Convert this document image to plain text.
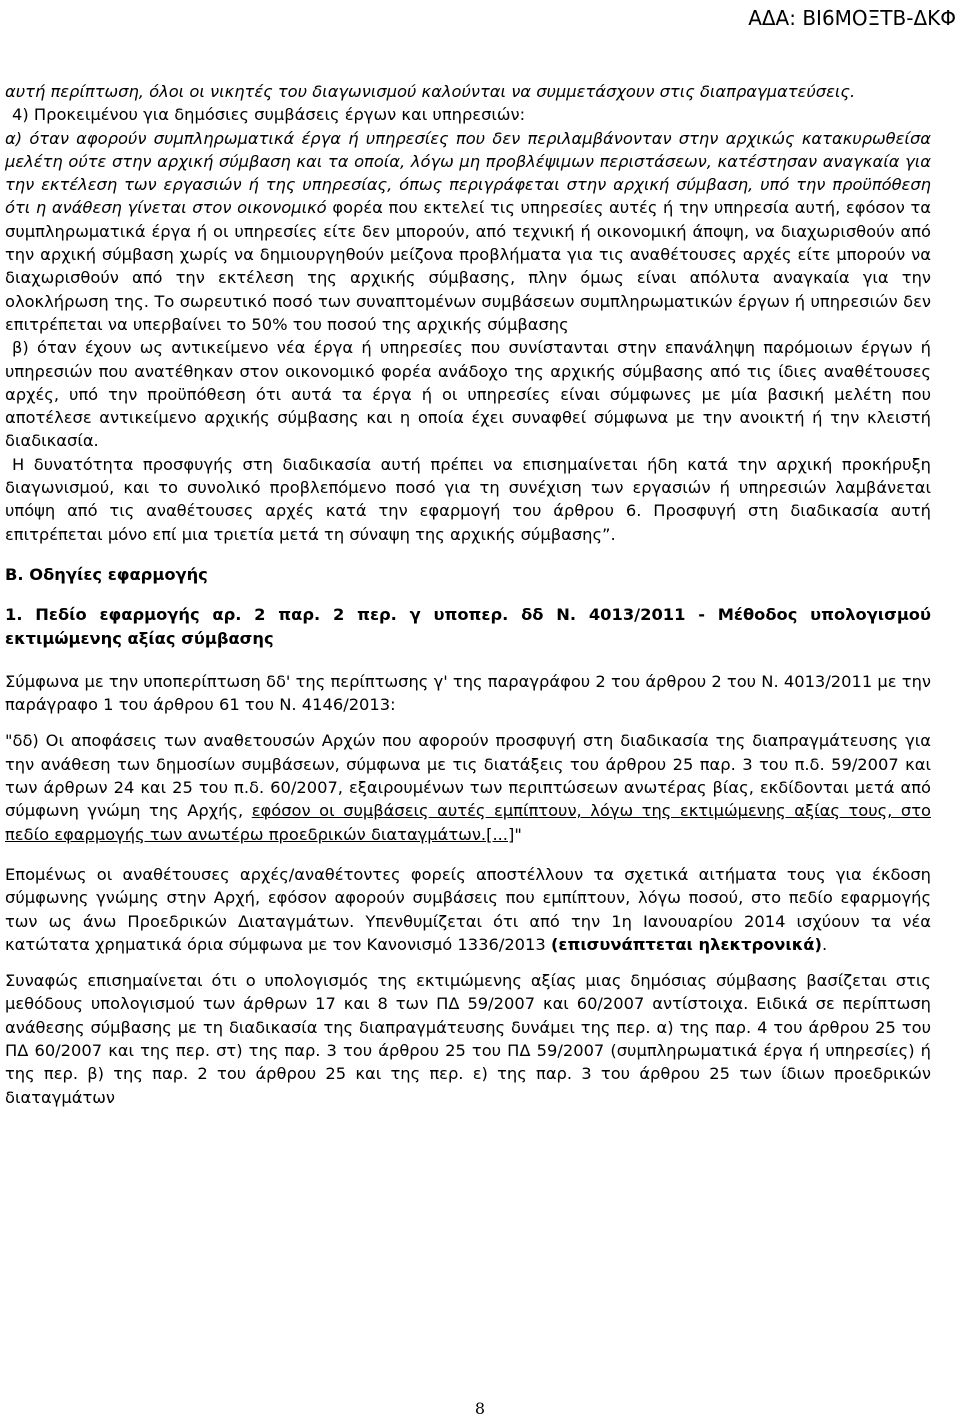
ΑΔΑ: ΒΙ6ΜΟΞΤΒ-ΔΚΦ

αυτή περίπτωση, όλοι οι νικητές του διαγωνισμού καλούνται να συμμετάσχουν στις διαπραγματεύσεις.

4) Προκειμένου για δημόσιες συμβάσεις έργων και υπηρεσιών:

α) όταν αφορούν συμπληρωματικά έργα ή υπηρεσίες που δεν περιλαμβάνονταν στην αρχικώς κατακυρωθείσα μελέτη ούτε στην αρχική σύμβαση και τα οποία, λόγω μη προβλέψιμων περιστάσεων, κατέστησαν αναγκαία για την εκτέλεση των εργασιών ή της υπηρεσίας, όπως περιγράφεται στην αρχική σύμβαση, υπό την προϋπόθεση ότι η ανάθεση γίνεται στον οικονομικό φορέα που εκτελεί τις υπηρεσίες αυτές ή την υπηρεσία αυτή, εφόσον τα συμπληρωματικά έργα ή οι υπηρεσίες είτε δεν μπορούν, από τεχνική ή οικονομική άποψη, να διαχωρισθούν από την αρχική σύμβαση χωρίς να δημιουργηθούν μείζονα προβλήματα για τις αναθέτουσες αρχές είτε μπορούν να διαχωρισθούν από την εκτέλεση της αρχικής σύμβασης, πλην όμως είναι απόλυτα αναγκαία για την ολοκλήρωση της. Το σωρευτικό ποσό των συναπτομένων συμβάσεων συμπληρωματικών έργων ή υπηρεσιών δεν επιτρέπεται να υπερβαίνει το 50% του ποσού της αρχικής σύμβασης

β) όταν έχουν ως αντικείμενο νέα έργα ή υπηρεσίες που συνίστανται στην επανάληψη παρόμοιων έργων ή υπηρεσιών που ανατέθηκαν στον οικονομικό φορέα ανάδοχο της αρχικής σύμβασης από τις ίδιες αναθέτουσες αρχές, υπό την προϋπόθεση ότι αυτά τα έργα ή οι υπηρεσίες είναι σύμφωνες με μία βασική μελέτη που αποτέλεσε αντικείμενο αρχικής σύμβασης και η οποία έχει συναφθεί σύμφωνα με την ανοικτή ή την κλειστή διαδικασία.

Η δυνατότητα προσφυγής στη διαδικασία αυτή πρέπει να επισημαίνεται ήδη κατά την αρχική προκήρυξη διαγωνισμού, και το συνολικό προβλεπόμενο ποσό για τη συνέχιση των εργασιών ή υπηρεσιών λαμβάνεται υπόψη από τις αναθέτουσες αρχές κατά την εφαρμογή του άρθρου 6. Προσφυγή στη διαδικασία αυτή επιτρέπεται μόνο επί μια τριετία μετά τη σύναψη της αρχικής σύμβασης”.

Β. Οδηγίες εφαρμογής

1. Πεδίο εφαρμογής αρ. 2 παρ. 2 περ. γ υποπερ. δδ Ν. 4013/2011 - Μέθοδος υπολογισμού εκτιμώμενης αξίας σύμβασης

Σύμφωνα με την υποπερίπτωση δδ' της περίπτωσης γ' της παραγράφου 2 του άρθρου 2 του Ν. 4013/2011 με την παράγραφο 1 του άρθρου 61 του Ν. 4146/2013:

"δδ) Οι αποφάσεις των αναθετουσών Αρχών που αφορούν προσφυγή στη διαδικασία της διαπραγμάτευσης για την ανάθεση των δημοσίων συμβάσεων, σύμφωνα με τις διατάξεις του άρθρου 25 παρ. 3 του π.δ. 59/2007 και των άρθρων 24 και 25 του π.δ. 60/2007, εξαιρουμένων των περιπτώσεων ανωτέρας βίας, εκδίδονται μετά από σύμφωνη γνώμη της Αρχής, εφόσον οι συμβάσεις αυτές εμπίπτουν, λόγω της εκτιμώμενης αξίας τους, στο πεδίο εφαρμογής των ανωτέρω προεδρικών διαταγμάτων.[...]"

Επομένως οι αναθέτουσες αρχές/αναθέτοντες φορείς αποστέλλουν τα σχετικά αιτήματα τους για έκδοση σύμφωνης γνώμης στην Αρχή, εφόσον αφορούν συμβάσεις που εμπίπτουν, λόγω ποσού, στο πεδίο εφαρμογής των ως άνω Προεδρικών Διαταγμάτων. Υπενθυμίζεται ότι από την 1η Ιανουαρίου 2014 ισχύουν τα νέα κατώτατα χρηματικά όρια σύμφωνα με τον Κανονισμό 1336/2013 (επισυνάπτεται ηλεκτρονικά).

Συναφώς επισημαίνεται ότι ο υπολογισμός της εκτιμώμενης αξίας μιας δημόσιας σύμβασης βασίζεται στις μεθόδους υπολογισμού των άρθρων 17 και 8 των ΠΔ 59/2007 και 60/2007 αντίστοιχα. Ειδικά σε περίπτωση ανάθεσης σύμβασης με τη διαδικασία της διαπραγμάτευσης δυνάμει της περ. α) της παρ. 4 του άρθρου 25 του ΠΔ 60/2007 και της περ. στ) της παρ. 3 του άρθρου 25 του ΠΔ 59/2007 (συμπληρωματικά έργα ή υπηρεσίες) ή της περ. β) της παρ. 2 του άρθρου 25 και της περ. ε) της παρ. 3 του άρθρου 25 των ίδιων προεδρικών διαταγμάτων

8
